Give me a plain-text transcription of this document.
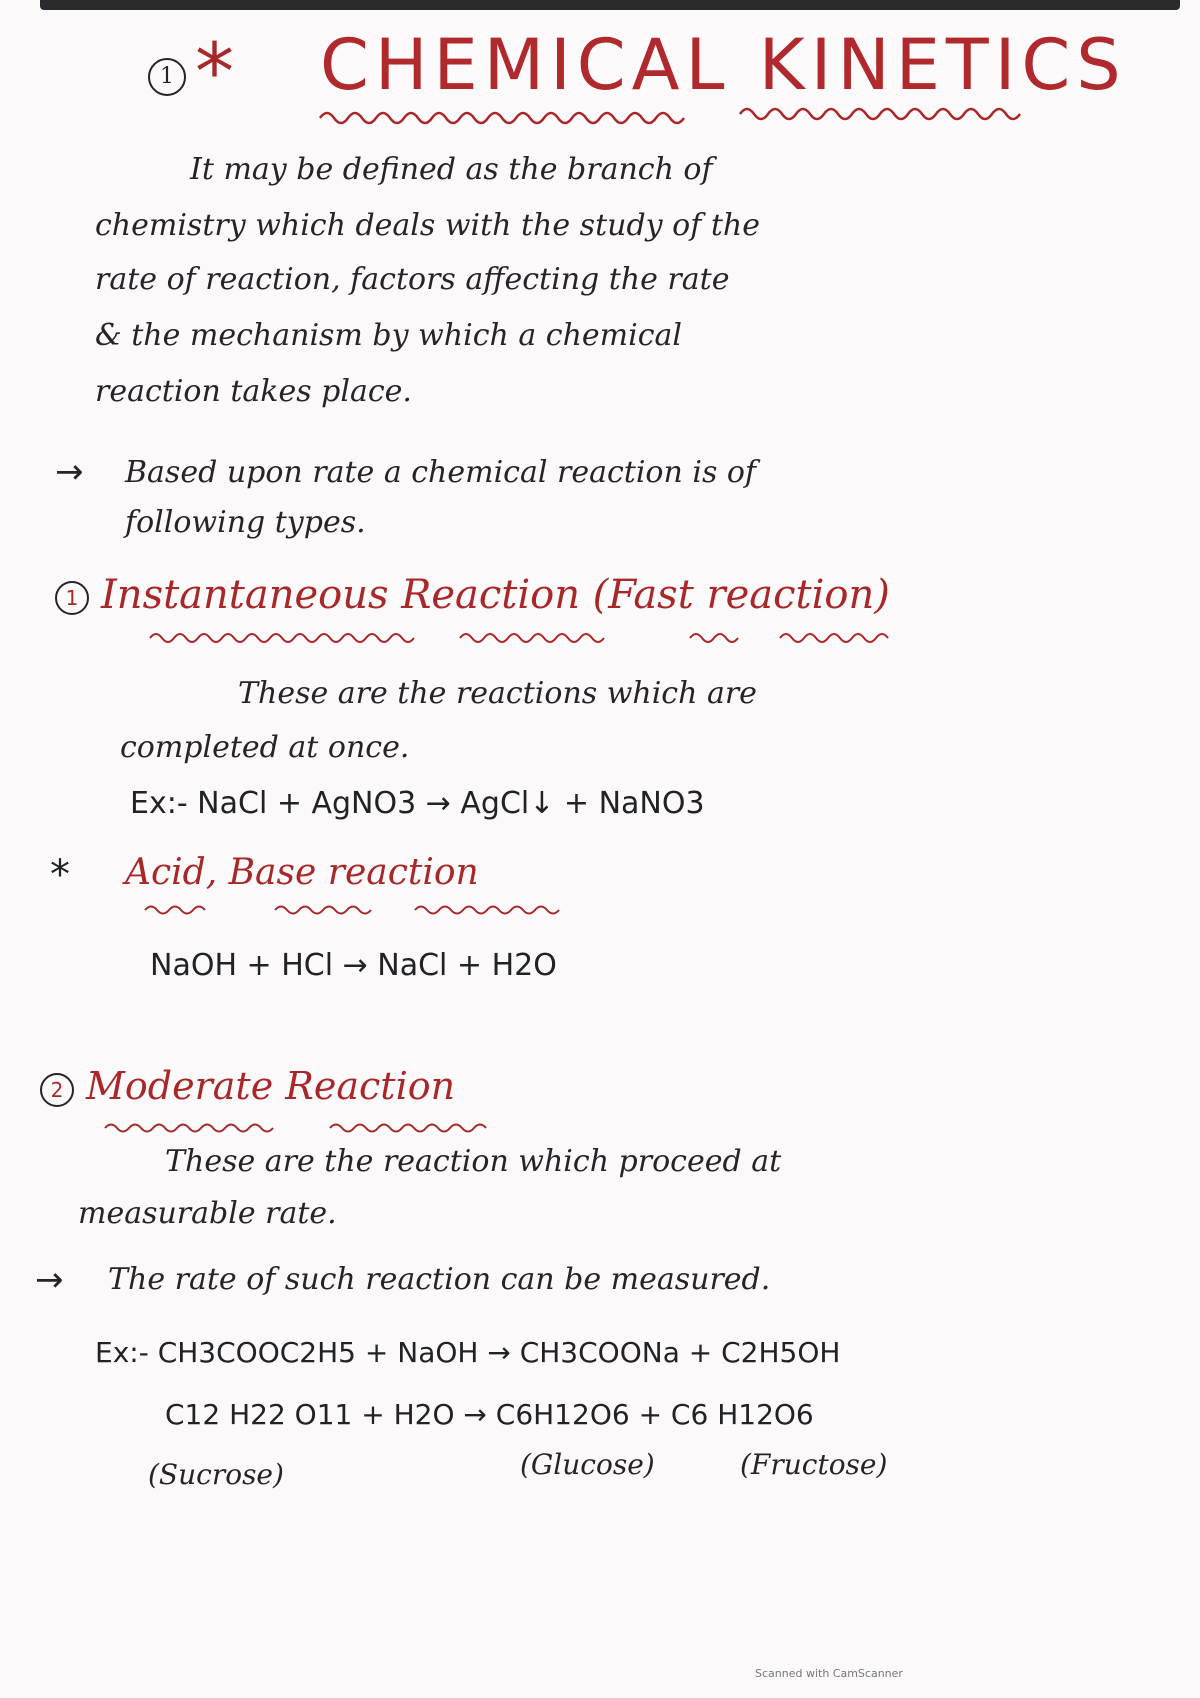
1 * CHEMICAL KINETICS
It may be defined as the branch of
chemistry which deals with the study of the
rate of reaction, factors affecting the rate
& the mechanism by which a chemical
reaction takes place.
→ Based upon rate a chemical reaction is of
following types.
1 Instantaneous Reaction (Fast reaction)
These are the reactions which are
completed at once.
Ex:- NaCl + AgNO3 → AgCl↓ + NaNO3
* Acid, Base reaction
NaOH + HCl → NaCl + H2O
2 Moderate Reaction
These are the reaction which proceed at
measurable rate.
→ The rate of such reaction can be measured.
Ex:- CH3COOC2H5 + NaOH → CH3COONa + C2H5OH
C12 H22 O11 + H2O → C6H12O6 + C6 H12O6
(Sucrose)	(Glucose)	(Fructose)
Scanned with CamScanner
